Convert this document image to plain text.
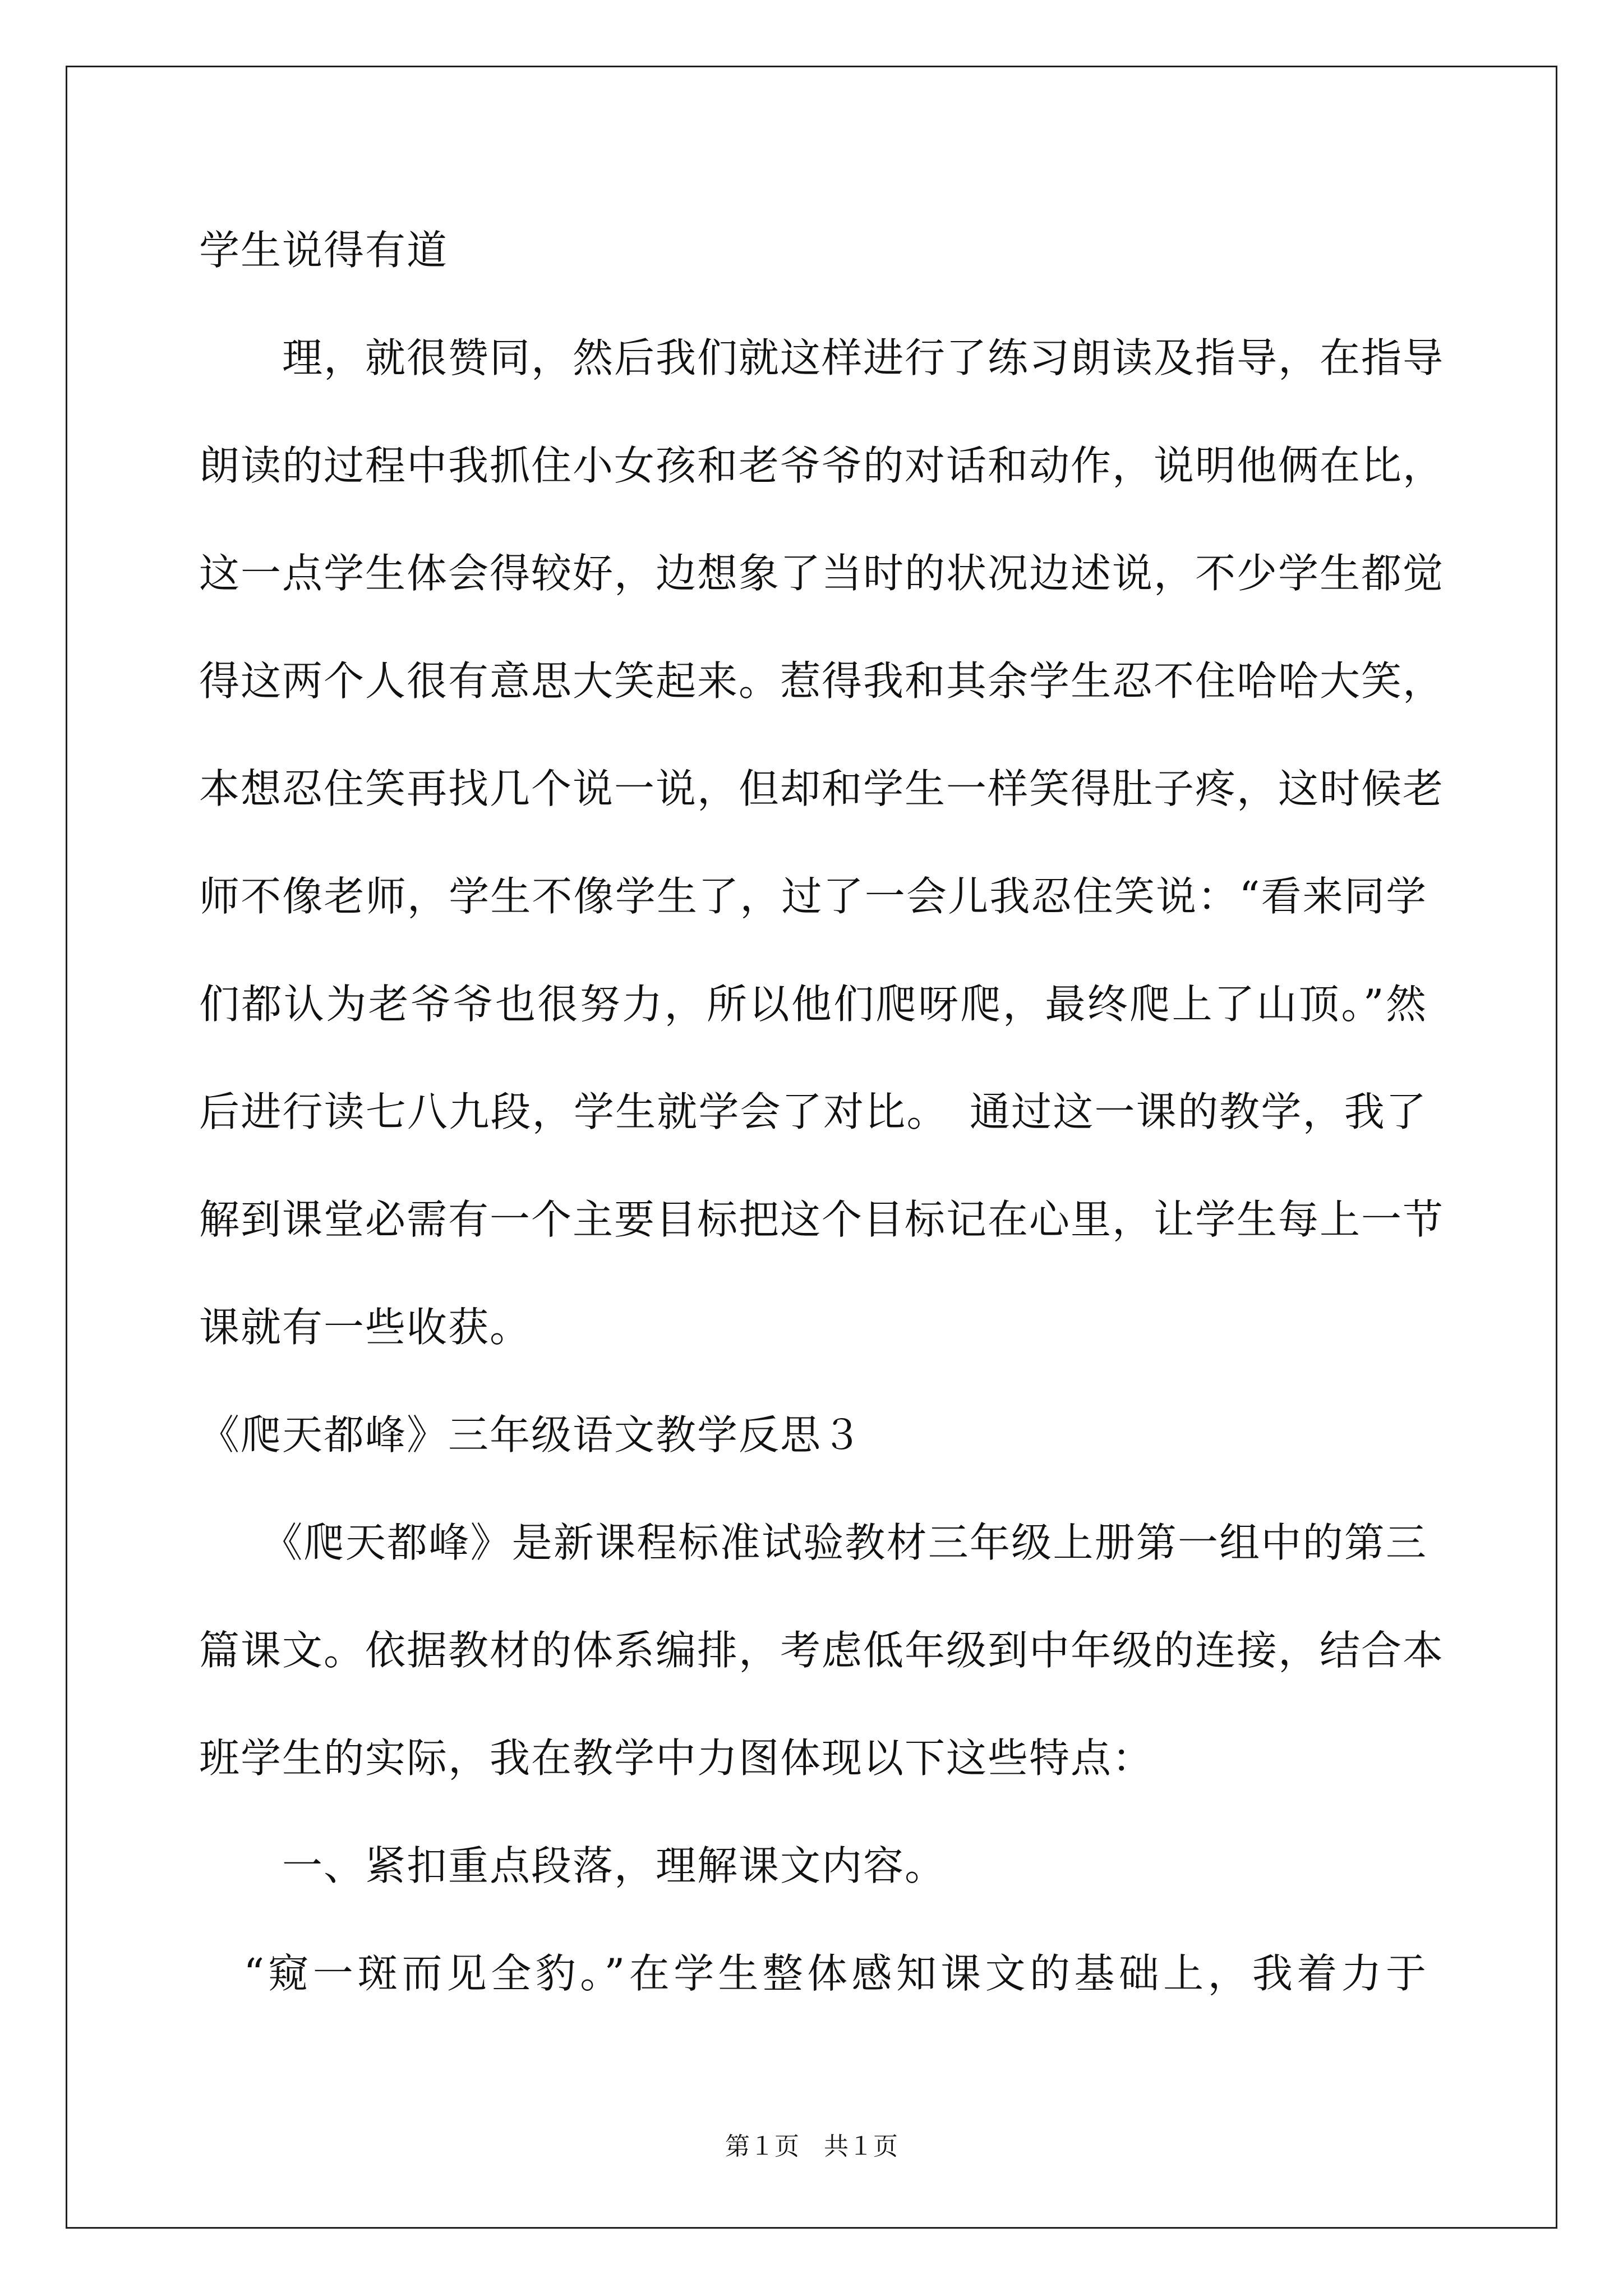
学生说得有道
　　理，就很赞同，然后我们就这样进行了练习朗读及指导，在指导
朗读的过程中我抓住小女孩和老爷爷的对话和动作，说明他俩在比，
这一点学生体会得较好，边想象了当时的状况边述说，不少学生都觉
得这两个人很有意思大笑起来。惹得我和其余学生忍不住哈哈大笑，
本想忍住笑再找几个说一说，但却和学生一样笑得肚子疼，这时候老
师不像老师，学生不像学生了，过了一会儿我忍住笑说：“看来同学
们都认为老爷爷也很努力，所以他们爬呀爬，最终爬上了山顶。”然
后进行读七八九段，学生就学会了对比。　通过这一课的教学，我了
解到课堂必需有一个主要目标把这个目标记在心里，让学生每上一节
课就有一些收获。
《爬天都峰》三年级语文教学反思３
　　《爬天都峰》是新课程标准试验教材三年级上册第一组中的第三
篇课文。依据教材的体系编排，考虑低年级到中年级的连接，结合本
班学生的实际，我在教学中力图体现以下这些特点：
　　一、紧扣重点段落，理解课文内容。
　“窥一斑而见全豹。”在学生整体感知课文的基础上，我着力于
第１页　共１页
